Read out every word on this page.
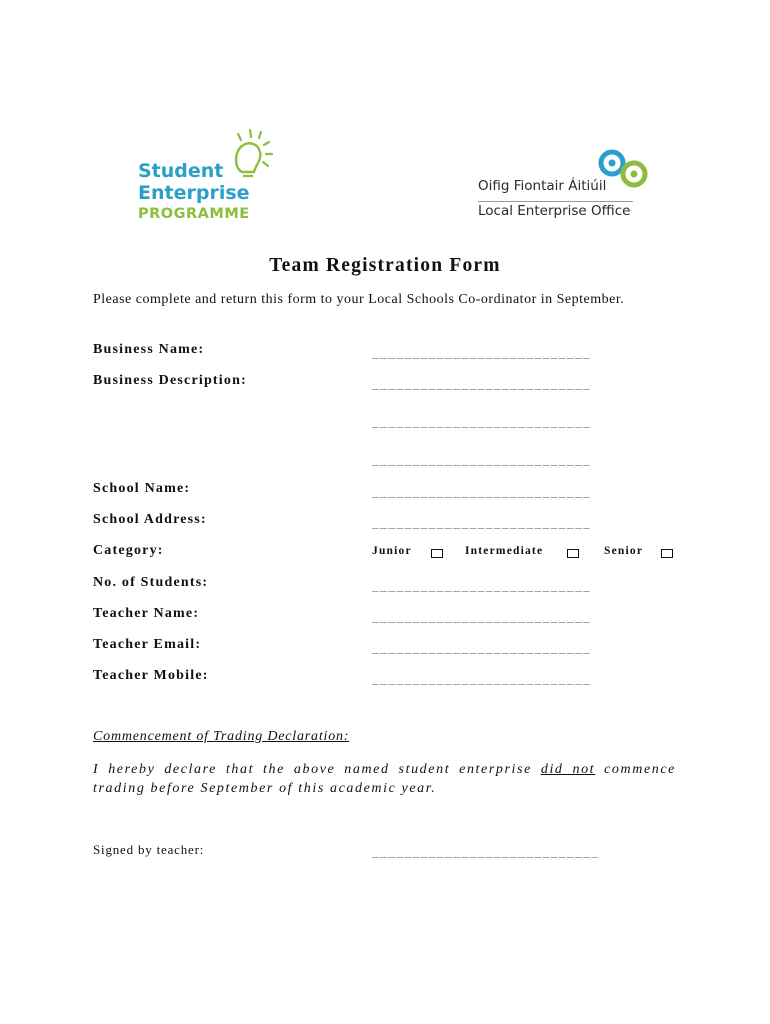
Student
Enterprise
PROGRAMME
Oifig Fiontair Áitiúil
Local Enterprise Office
Team Registration Form
Please complete and return this form to your Local Schools Co-ordinator in September.
Business Name:	___________________________
Business Description:	___________________________
___________________________
___________________________
School Name:	___________________________
School Address:	___________________________
Category:	Junior	Intermediate	Senior
No. of Students:	___________________________
Teacher Name:	___________________________
Teacher Email:	___________________________
Teacher Mobile:	___________________________
Commencement of Trading Declaration:
I hereby declare that the above named student enterprise did not commence trading before September of this academic year.
Signed by teacher:	____________________________
